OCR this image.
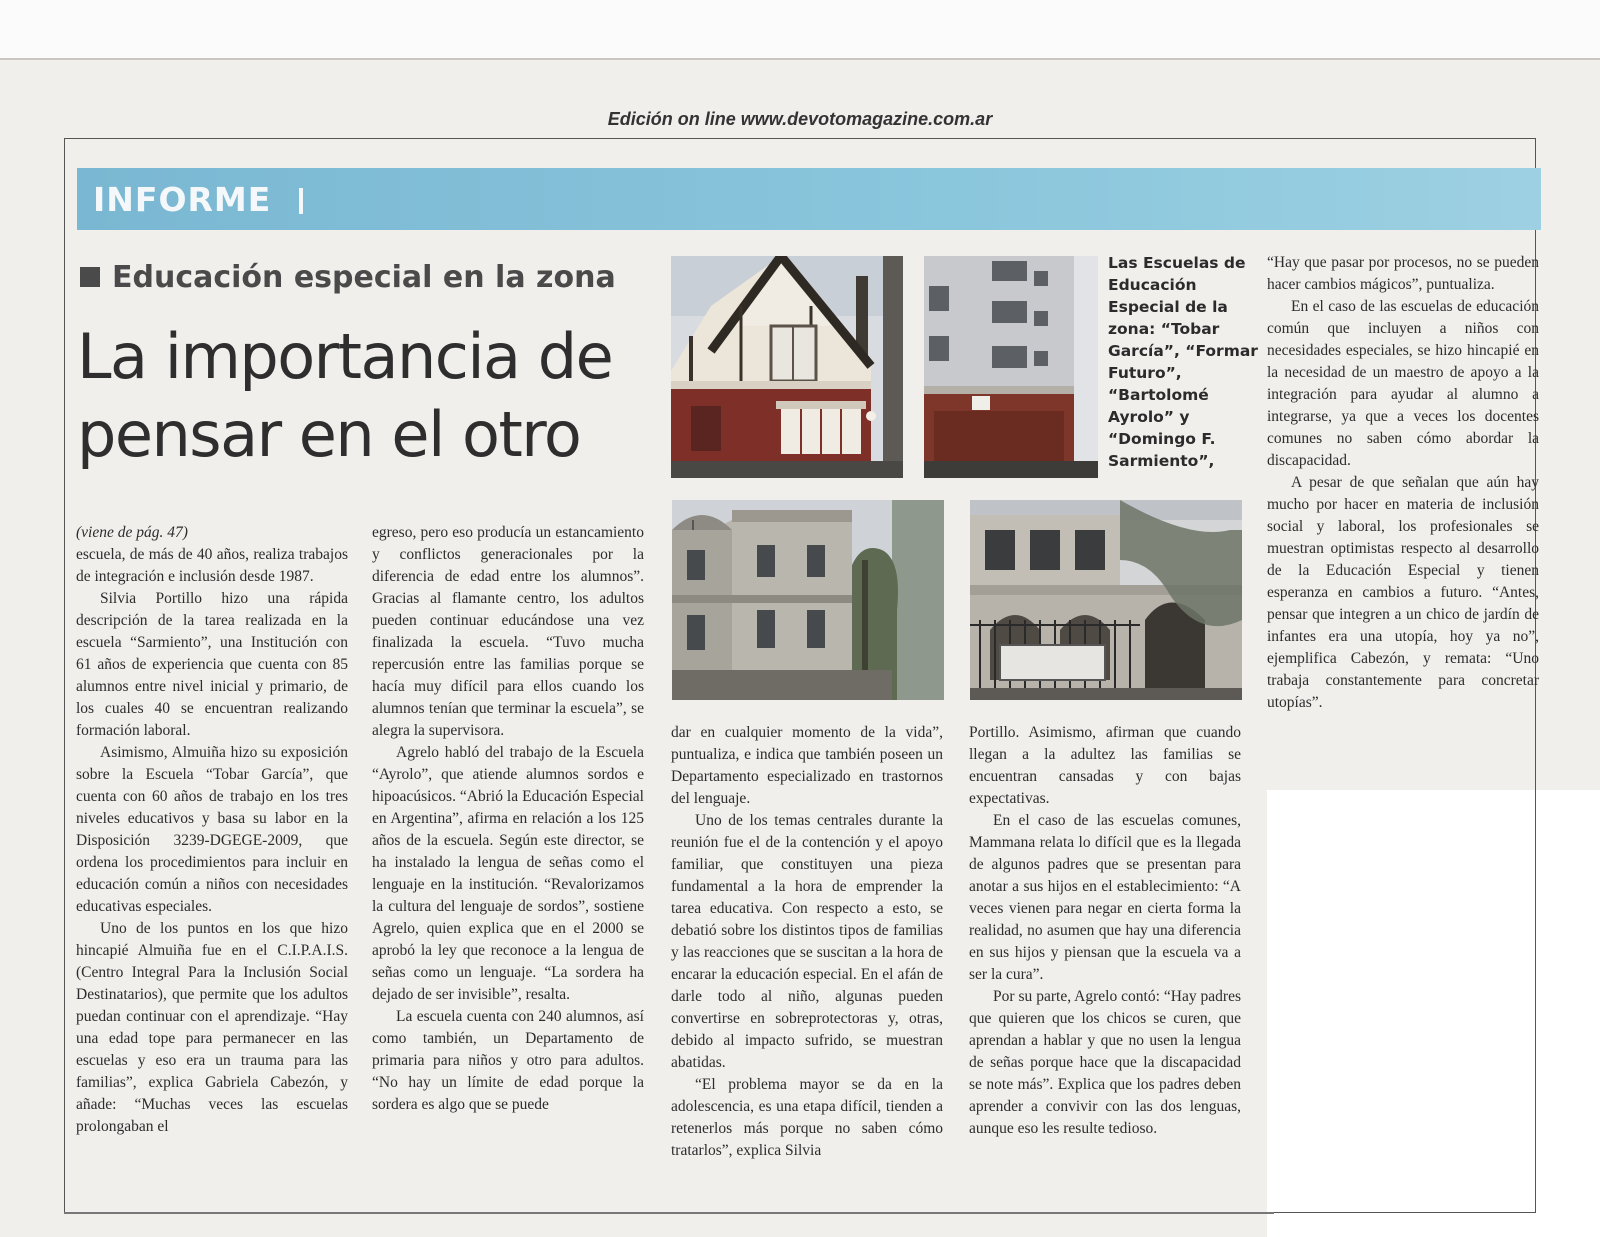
Edición on line www.devotomagazine.com.ar
INFORME
Educación especial en la zona
La importancia de
pensar en el otro
Las Escuelas de Educación Especial de la zona: “Tobar García”, “Formar Futuro”, “Bartolomé Ayrolo” y “Domingo F. Sarmiento”,

(viene de pág. 47)

escuela, de más de 40 años, realiza trabajos de integración e inclusión desde 1987.

Silvia Portillo hizo una rápida descripción de la tarea realizada en la escuela “Sarmiento”, una Institución con 61 años de experiencia que cuenta con 85 alumnos entre nivel inicial y primario, de los cuales 40 se encuentran realizando formación laboral.

Asimismo, Almuiña hizo su exposición sobre la Escuela “Tobar García”, que cuenta con 60 años de trabajo en los tres niveles educativos y basa su labor en la Disposición 3239-DGEGE-2009, que ordena los procedimientos para incluir en educación común a niños con necesidades educativas especiales.

Uno de los puntos en los que hizo hincapié Almuiña fue en el C.I.P.A.I.S. (Centro Integral Para la Inclusión Social Destinatarios), que permite que los adultos puedan continuar con el aprendizaje. “Hay una edad tope para permanecer en las escuelas y eso era un trauma para las familias”, explica Gabriela Cabezón, y añade: “Muchas veces las escuelas prolongaban el

egreso, pero eso producía un estancamiento y conflictos generacionales por la diferencia de edad entre los alumnos”. Gracias al flamante centro, los adultos pueden continuar educándose una vez finalizada la escuela. “Tuvo mucha repercusión entre las familias porque se hacía muy difícil para ellos cuando los alumnos tenían que terminar la escuela”, se alegra la supervisora.

Agrelo habló del trabajo de la Escuela “Ayrolo”, que atiende alumnos sordos e hipoacúsicos. “Abrió la Educación Especial en Argentina”, afirma en relación a los 125 años de la escuela. Según este director, se ha instalado la lengua de señas como el lenguaje en la institución. “Revalorizamos la cultura del lenguaje de sordos”, sostiene Agrelo, quien explica que en el 2000 se aprobó la ley que reconoce a la lengua de señas como un lenguaje. “La sordera ha dejado de ser invisible”, resalta.

La escuela cuenta con 240 alumnos, así como también, un Departamento de primaria para niños y otro para adultos. “No hay un límite de edad porque la sordera es algo que se puede

dar en cualquier momento de la vida”, puntualiza, e indica que también poseen un Departamento especializado en trastornos del lenguaje.

Uno de los temas centrales durante la reunión fue el de la contención y el apoyo familiar, que constituyen una pieza fundamental a la hora de emprender la tarea educativa. Con respecto a esto, se debatió sobre los distintos tipos de familias y las reacciones que se suscitan a la hora de encarar la educación especial. En el afán de darle todo al niño, algunas pueden convertirse en sobreprotectoras y, otras, debido al impacto sufrido, se muestran abatidas.

“El problema mayor se da en la adolescencia, es una etapa difícil, tienden a retenerlos más porque no saben cómo tratarlos”, explica Silvia

Portillo. Asimismo, afirman que cuando llegan a la adultez las familias se encuentran cansadas y con bajas expectativas.

En el caso de las escuelas comunes, Mammana relata lo difícil que es la llegada de algunos padres que se presentan para anotar a sus hijos en el establecimiento: “A veces vienen para negar en cierta forma la realidad, no asumen que hay una diferencia en sus hijos y piensan que la escuela va a ser la cura”.

Por su parte, Agrelo contó: “Hay padres que quieren que los chicos se curen, que aprendan a hablar y que no usen la lengua de señas porque hace que la discapacidad se note más”. Explica que los padres deben aprender a convivir con las dos lenguas, aunque eso les resulte tedioso.

“Hay que pasar por procesos, no se pueden hacer cambios mágicos”, puntualiza.

En el caso de las escuelas de educación común que incluyen a niños con necesidades especiales, se hizo hincapié en la necesidad de un maestro de apoyo a la integración para ayudar al alumno a integrarse, ya que a veces los docentes comunes no saben cómo abordar la discapacidad.

A pesar de que señalan que aún hay mucho por hacer en materia de inclusión social y laboral, los profesionales se muestran optimistas respecto al desarrollo de la Educación Especial y tienen esperanza en cambios a futuro. “Antes, pensar que integren a un chico de jardín de infantes era una utopía, hoy ya no”, ejemplifica Cabezón, y remata: “Uno trabaja constantemente para concretar utopías”.
